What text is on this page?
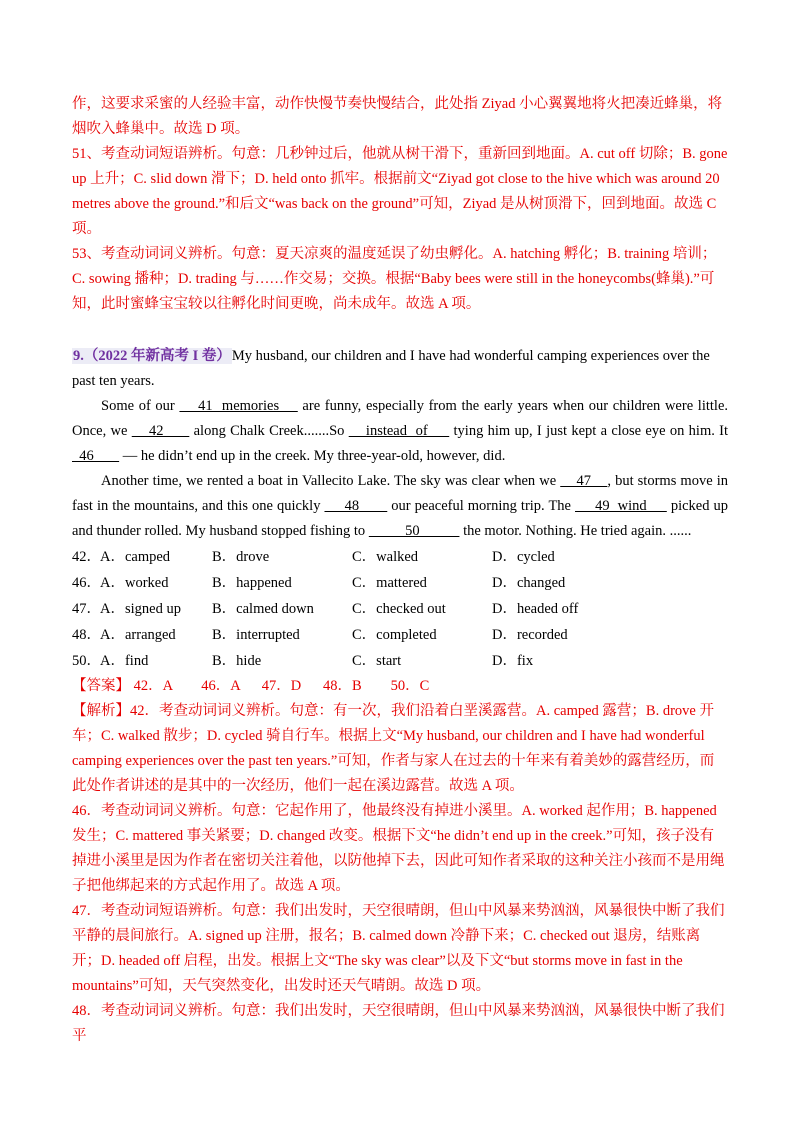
作，这要求采蜜的人经验丰富，动作快慢节奏快慢结合，此处指 Ziyad 小心翼翼地将火把凑近蜂巢，将烟吹入蜂巢中。故选 D 项。
51、考查动词短语辨析。句意：几秒钟过后，他就从树干滑下，重新回到地面。A. cut off 切除；B. gone up 上升；C. slid down 滑下；D. held onto 抓牢。根据前文“Ziyad got close to the hive which was around 20 metres above the ground.”和后文“was back on the ground”可知，Ziyad 是从树顶滑下，回到地面。故选 C 项。
53、考查动词词义辨析。句意：夏天凉爽的温度延误了幼虫孵化。A. hatching 孵化；B. training 培训；C. sowing 播种；D. trading 与……作交易；交换。根据“Baby bees were still in the honeycombs(蜂巢).”可知，此时蜜蜂宝宝较以往孵化时间更晚，尚未成年。故选 A 项。
9.（2022 年新高考 I 卷）My husband, our children and I have had wonderful camping experiences over the past ten years.
Some of our     41  memories     are funny, especially from the early years when our children were little. Once, we     42       along Chalk Creek.......So     instead  of      tying him up, I just kept a close eye on him. It   46        — he didn’t end up in the creek. My three-year-old, however, did.
Another time, we rented a boat in Vallecito Lake. The sky was clear when we     47    , but storms move in fast in the mountains, and this one quickly      48        our peaceful morning trip. The      49  wind      picked up and thunder rolled. My husband stopped fishing to           50            the motor. Nothing. He tried again. ......
42． A．camped	B．drove	C．walked	D．cycled
46． A．worked	B．happened	C．mattered	D．changed
47． A．signed up	B．calmed down	C．checked out	D．headed off
48． A．arranged	B．interrupted	C．completed	D．recorded
50． A．find	B．hide	C．start	D．fix
【答案】 42．A        46．A      47．D      48．B        50．C
【解析】42．考查动词词义辨析。句意：有一次，我们沿着白垩溪露营。A. camped 露营；B. drove 开车；C. walked 散步；D. cycled 骑自行车。根据上文“My husband, our children and I have had wonderful camping experiences over the past ten years.”可知，作者与家人在过去的十年来有着美妙的露营经历，而此处作者讲述的是其中的一次经历，他们一起在溪边露营。故选 A 项。
46．考查动词词义辨析。句意：它起作用了，他最终没有掉进小溪里。A. worked 起作用；B. happened 发生；C. mattered 事关紧要；D. changed 改变。根据下文“he didn’t end up in the creek.”可知，孩子没有掉进小溪里是因为作者在密切关注着他，以防他掉下去，因此可知作者采取的这种关注小孩而不是用绳子把他绑起来的方式起作用了。故选 A 项。
47．考查动词短语辨析。句意：我们出发时，天空很晴朗，但山中风暴来势汹汹，风暴很快中断了我们平静的晨间旅行。A. signed up 注册，报名；B. calmed down 冷静下来；C. checked out 退房，结账离开；D. headed off 启程，出发。根据上文“The sky was clear”以及下文“but storms move in fast in the mountains”可知，天气突然变化，出发时还天气晴朗。故选 D 项。
48．考查动词词义辨析。句意：我们出发时，天空很晴朗，但山中风暴来势汹汹，风暴很快中断了我们平
